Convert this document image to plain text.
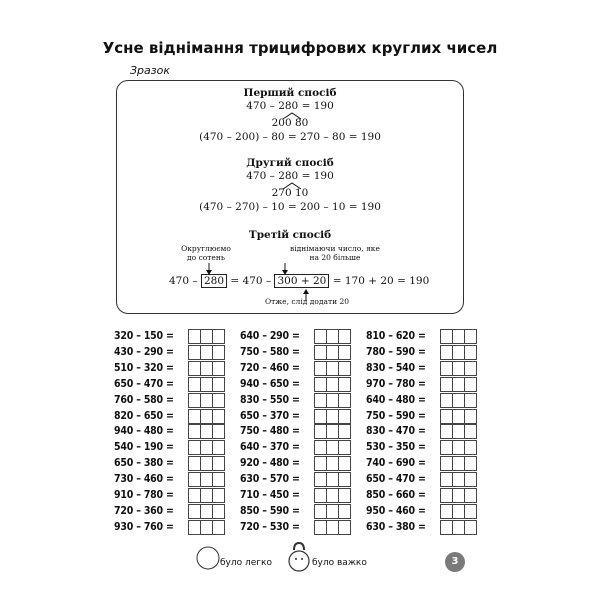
Усне віднімання трицифрових круглих чисел
Зразок
Перший спосіб
470 – 280 = 190
200 80
(470 – 200) – 80 = 270 – 80 = 190
Другий спосіб
470 – 280 = 190
270 10
(470 – 270) – 10 = 200 – 10 = 190
Третій спосіб
Округлюємо до сотень
віднімаючи число, яке на 20 більше
470 – 280 = 470 – 300 + 20 = 170 + 20 = 190
Отже, слід додати 20
320 – 150 =
430 – 290 =
510 – 320 =
650 – 470 =
760 – 580 =
820 – 650 =
940 – 480 =
540 – 190 =
650 – 380 =
730 – 460 =
910 – 780 =
720 – 360 =
930 – 760 =
640 – 290 =
750 – 580 =
720 – 460 =
940 – 650 =
830 – 550 =
650 – 370 =
750 – 480 =
640 – 370 =
920 – 480 =
630 – 570 =
710 – 450 =
850 – 590 =
720 – 530 =
810 – 620 =
780 – 590 =
830 – 540 =
970 – 780 =
640 – 480 =
750 – 590 =
830 – 470 =
530 – 350 =
740 – 690 =
650 – 470 =
850 – 660 =
950 – 460 =
630 – 380 =
було легко	було важко	3
